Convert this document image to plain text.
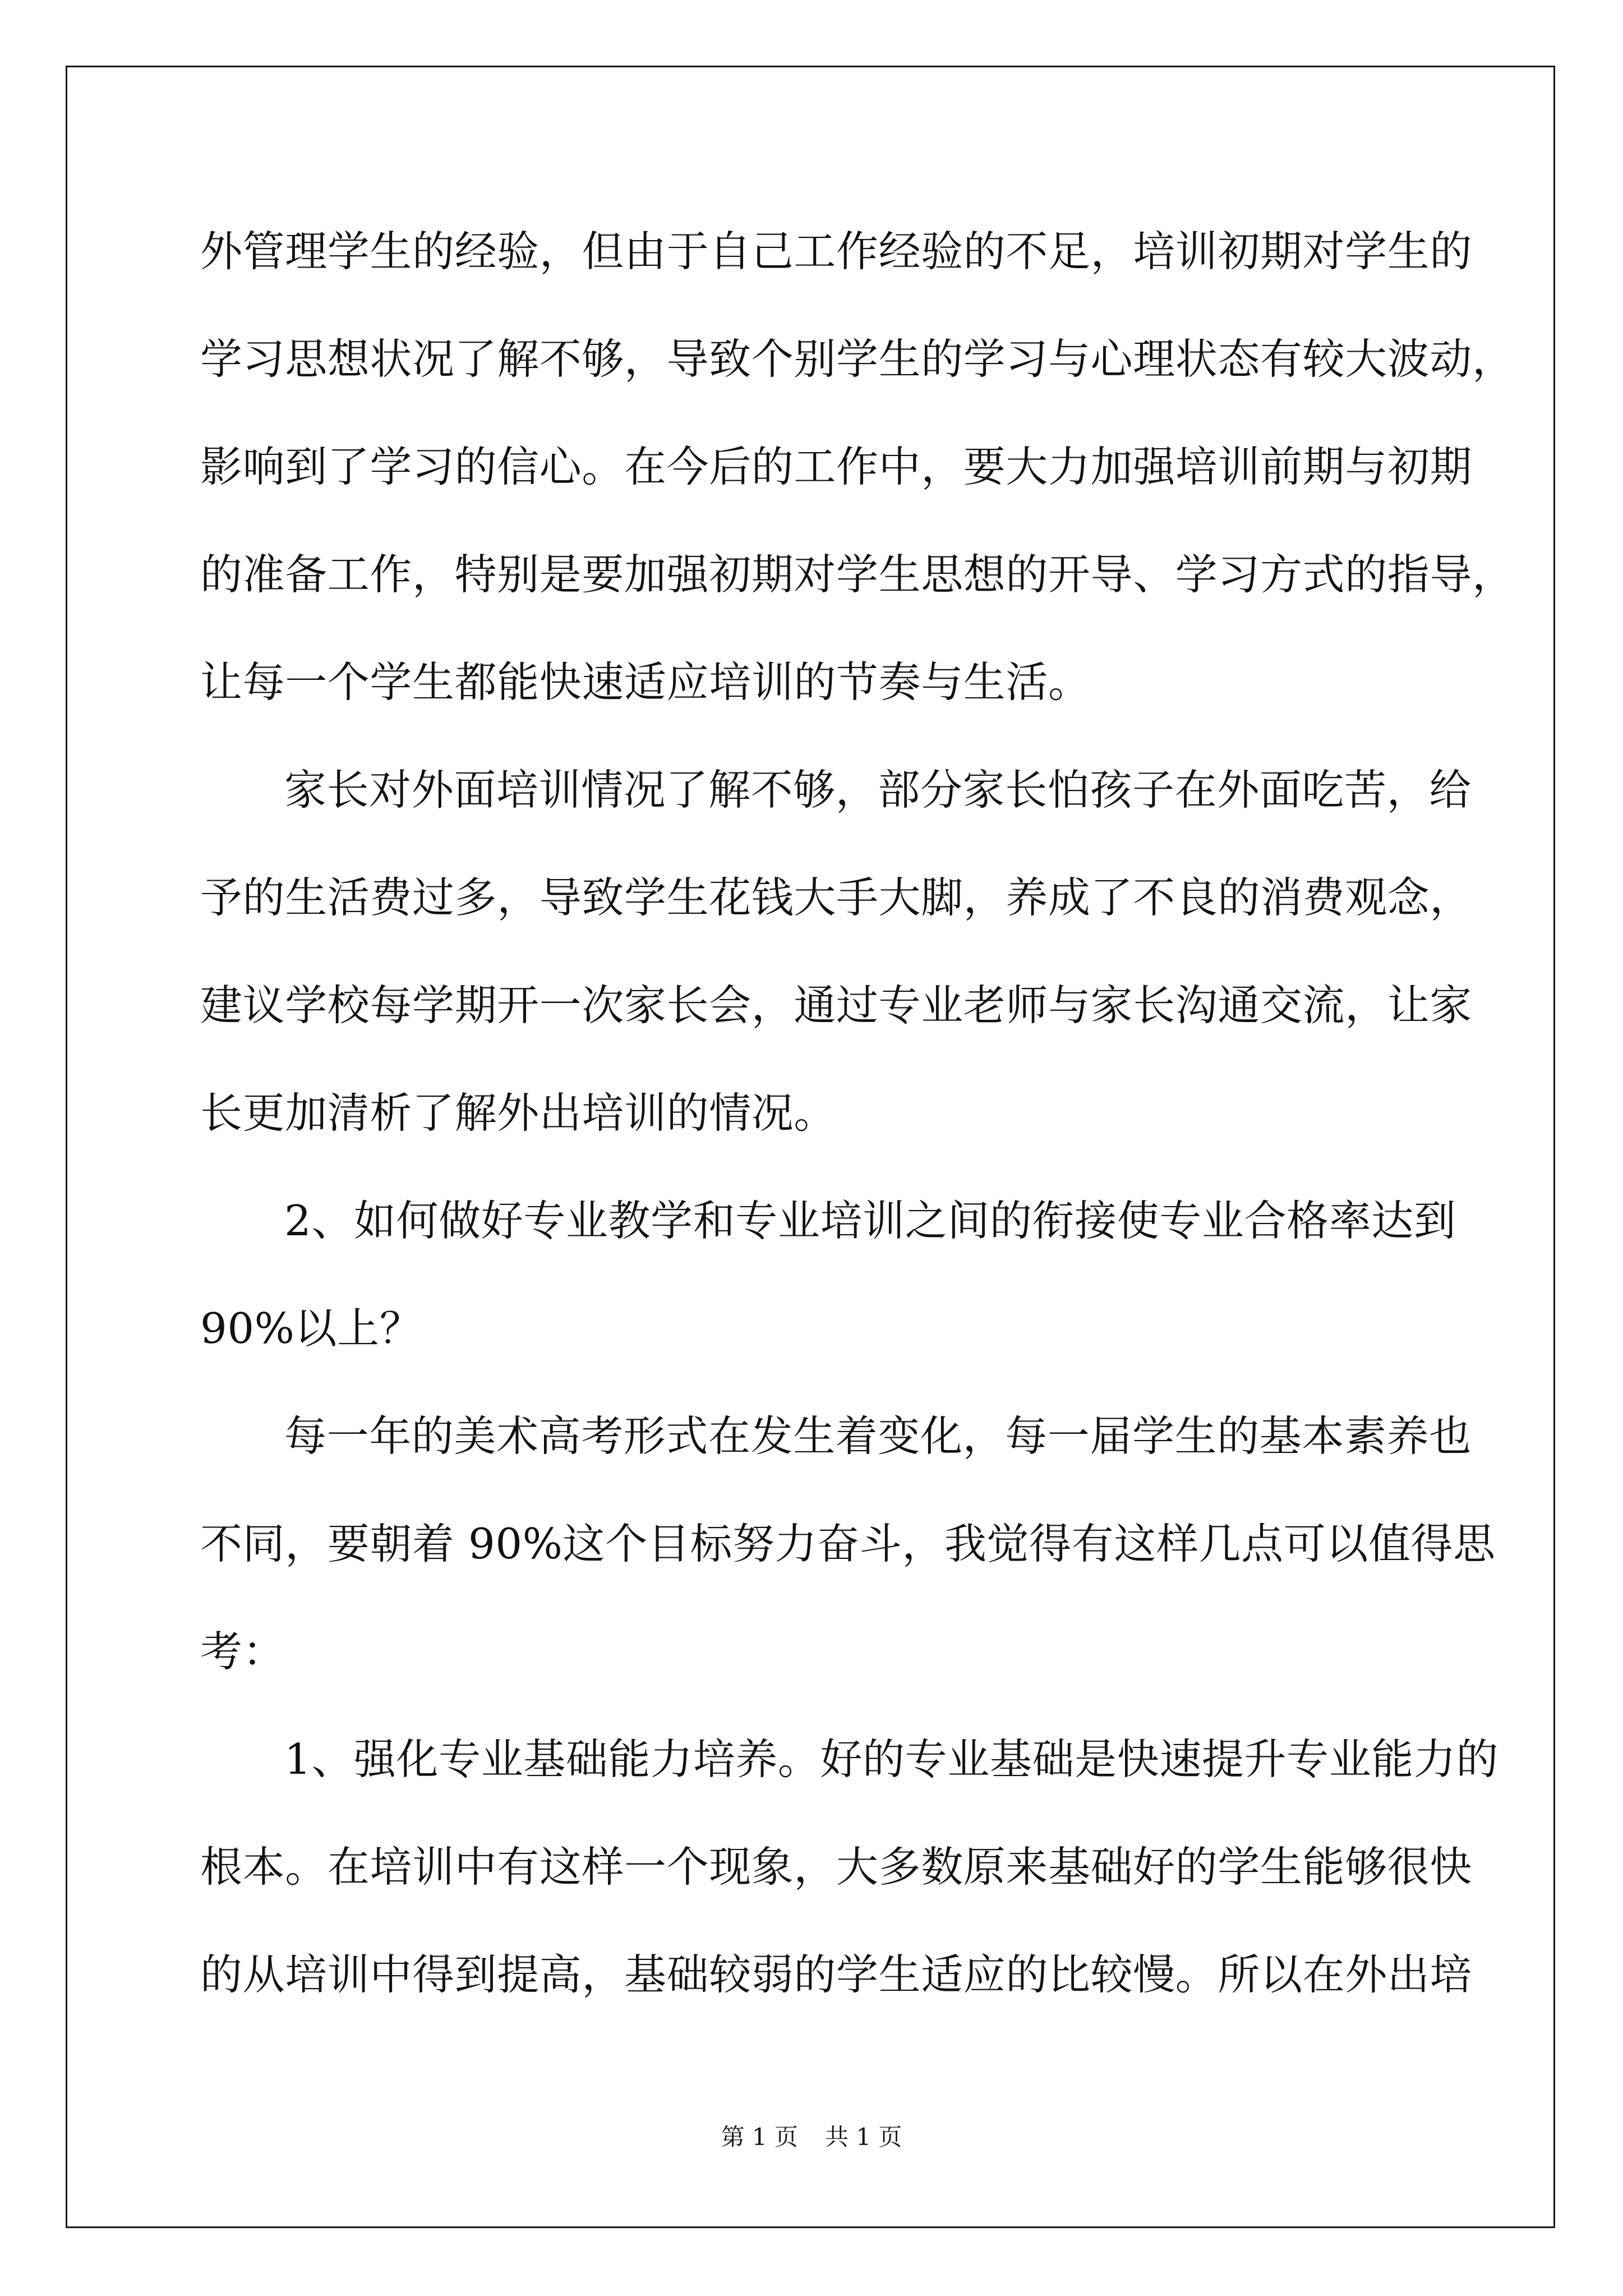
外管理学生的经验，但由于自己工作经验的不足，培训初期对学生的
学习思想状况了解不够，导致个别学生的学习与心理状态有较大波动，
影响到了学习的信心。在今后的工作中，要大力加强培训前期与初期
的准备工作，特别是要加强初期对学生思想的开导、学习方式的指导，
让每一个学生都能快速适应培训的节奏与生活。
家长对外面培训情况了解不够，部分家长怕孩子在外面吃苦，给
予的生活费过多，导致学生花钱大手大脚，养成了不良的消费观念，
建议学校每学期开一次家长会，通过专业老师与家长沟通交流，让家
长更加清析了解外出培训的情况。
2、如何做好专业教学和专业培训之间的衔接使专业合格率达到
90%以上？
每一年的美术高考形式在发生着变化，每一届学生的基本素养也
不同，要朝着 90%这个目标努力奋斗，我觉得有这样几点可以值得思
考：
1、强化专业基础能力培养。好的专业基础是快速提升专业能力的
根本。在培训中有这样一个现象，大多数原来基础好的学生能够很快
的从培训中得到提高，基础较弱的学生适应的比较慢。所以在外出培
第 1 页 共 1 页
